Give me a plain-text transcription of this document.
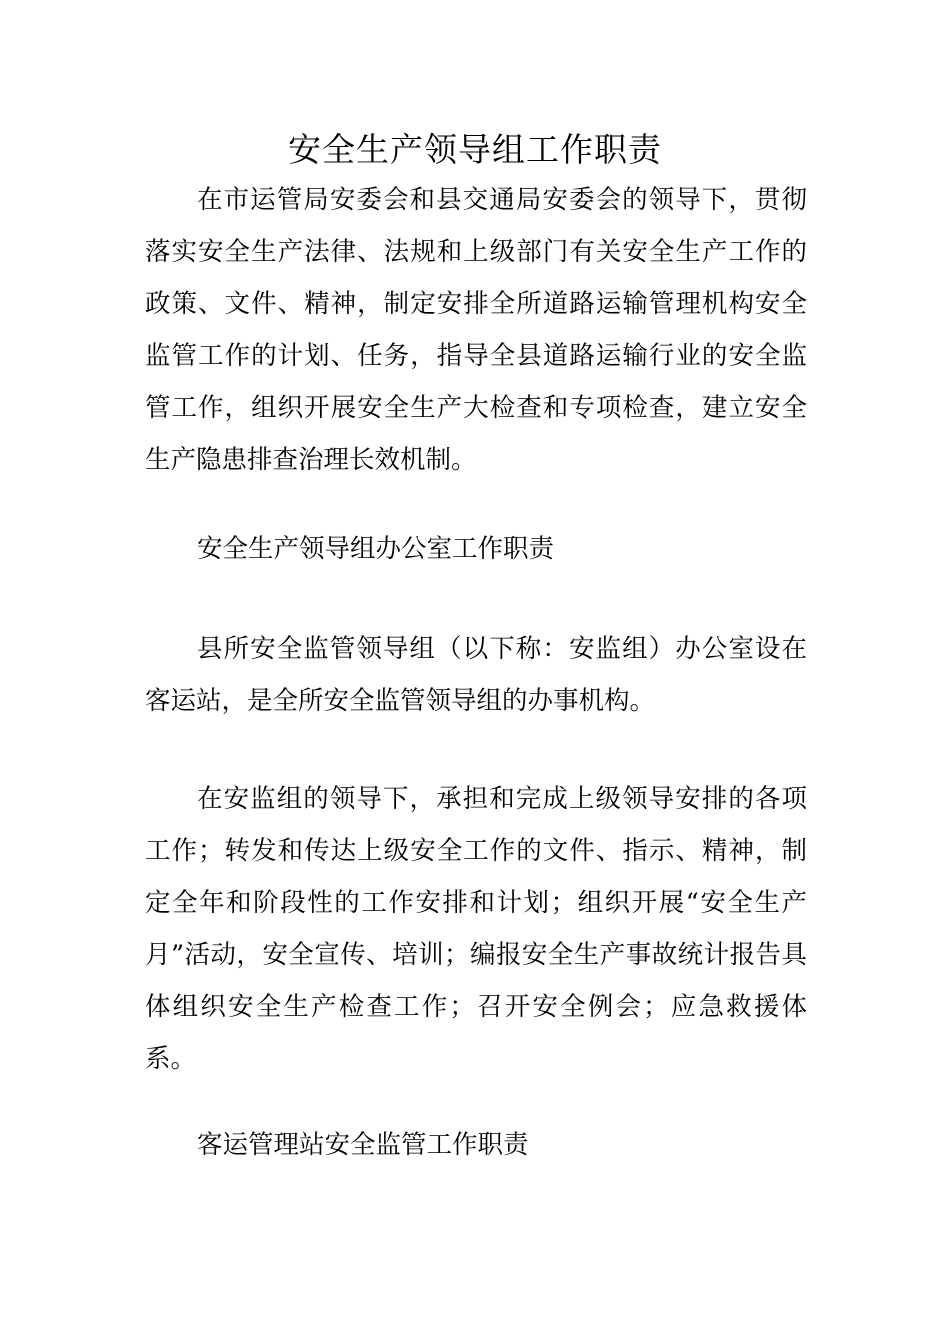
安全生产领导组工作职责

在市运管局安委会和县交通局安委会的领导下，贯彻落实安全生产法律、法规和上级部门有关安全生产工作的政策、文件、精神，制定安排全所道路运输管理机构安全监管工作的计划、任务，指导全县道路运输行业的安全监管工作，组织开展安全生产大检查和专项检查，建立安全生产隐患排查治理长效机制。

安全生产领导组办公室工作职责

县所安全监管领导组（以下称：安监组）办公室设在客运站，是全所安全监管领导组的办事机构。

在安监组的领导下，承担和完成上级领导安排的各项工作；转发和传达上级安全工作的文件、指示、精神，制定全年和阶段性的工作安排和计划；组织开展“安全生产月”活动，安全宣传、培训；编报安全生产事故统计报告具体组织安全生产检查工作；召开安全例会；应急救援体系。

客运管理站安全监管工作职责
